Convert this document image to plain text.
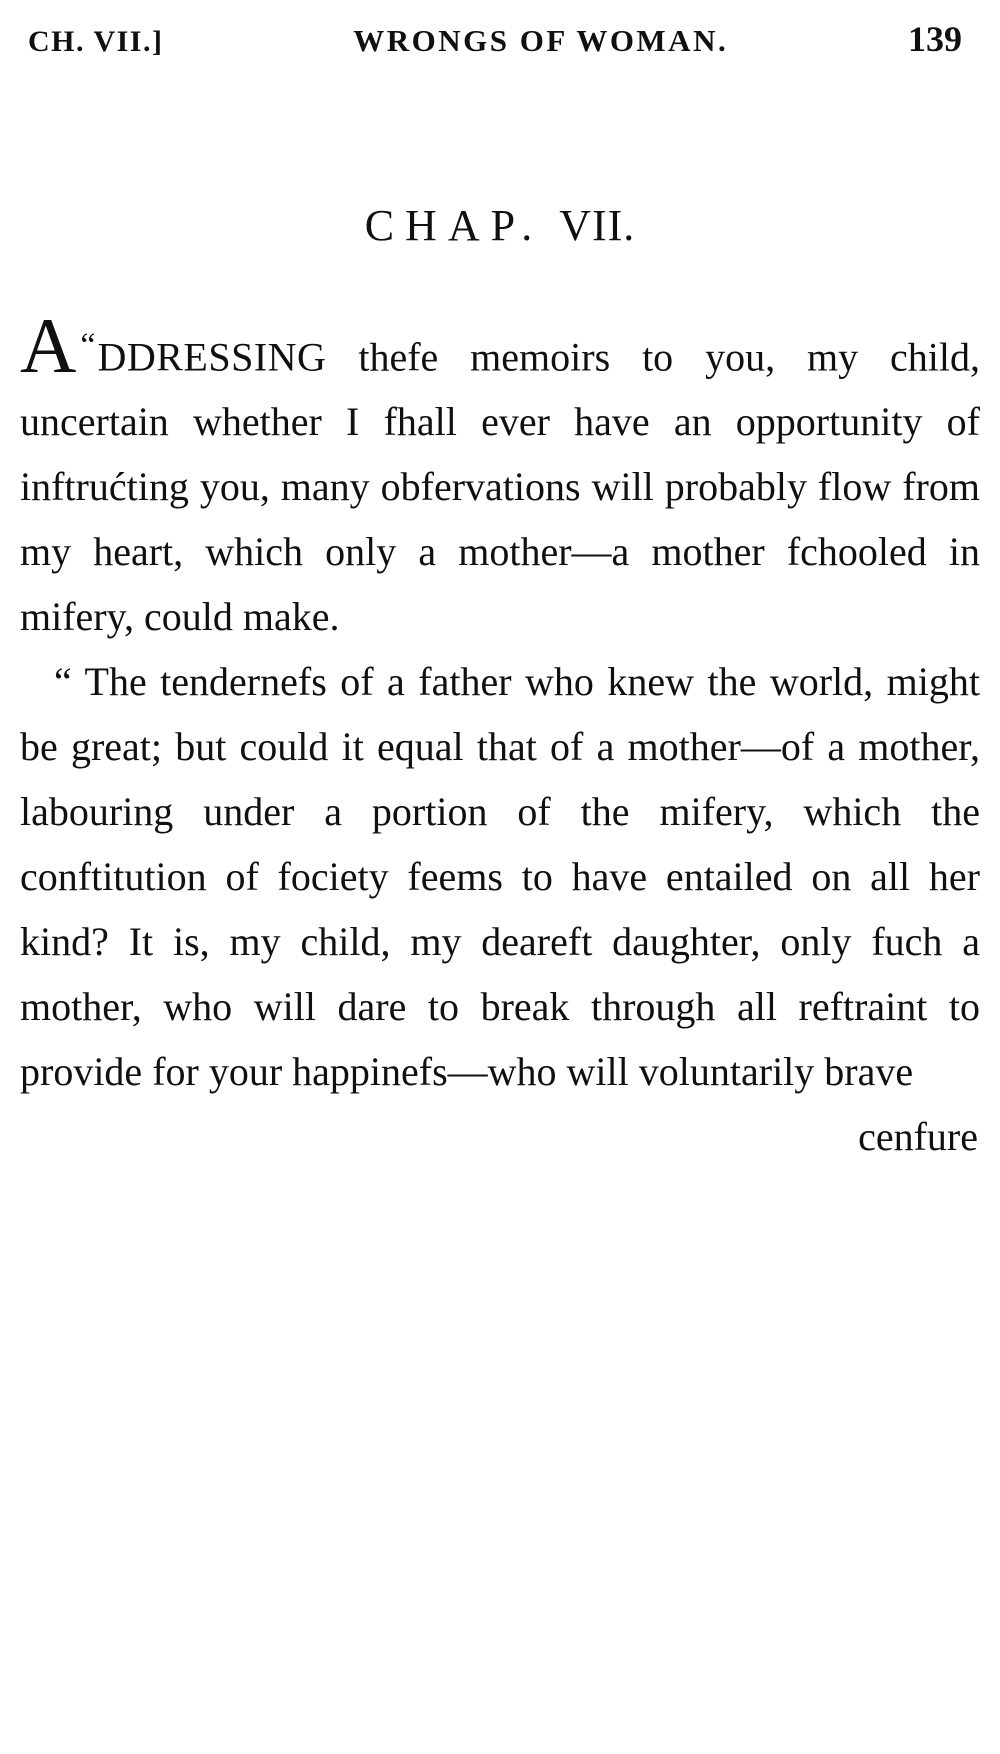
CH. VII.]	WRONGS OF WOMAN.	139
CHAP. VII.

“
A DDRESSING thefe memoirs to you, my child, uncertain whether I fhall ever have an opportunity of inftrućting you, many obfervations will probably flow from my heart, which only a mother—a mother fchooled in mifery, could make.

“ The tendernefs of a father who knew the world, might be great; but could it equal that of a mother—of a mother, labouring under a portion of the mifery, which the conftitution of fociety feems to have entailed on all her kind? It is, my child, my deareft daughter, only fuch a mother, who will dare to break through all reftraint to provide for your happinefs—who will voluntarily brave

cenfure
